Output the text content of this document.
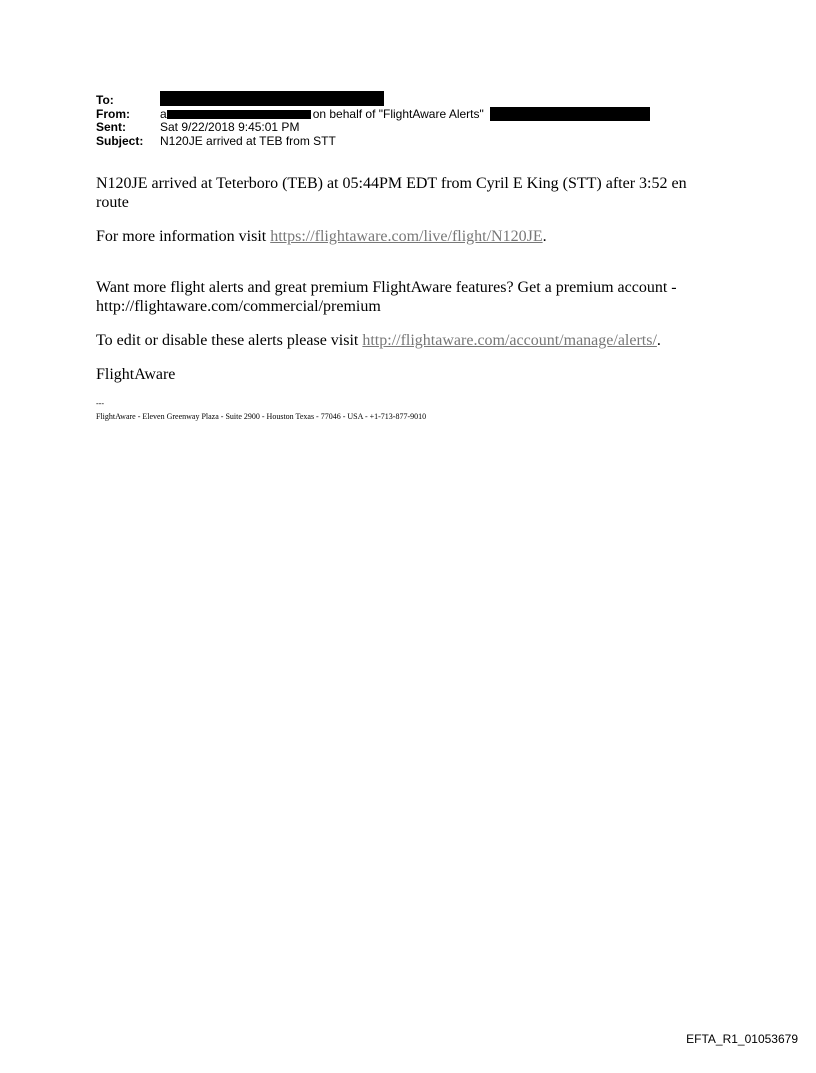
To:
From:	a	on behalf of "FlightAware Alerts"
Sent:	Sat 9/22/2018 9:45:01 PM
Subject:	N120JE arrived at TEB from STT

N120JE arrived at Teterboro (TEB) at 05:44PM EDT from Cyril E King (STT) after 3:52 en route

For more information visit https://flightaware.com/live/flight/N120JE.

Want more flight alerts and great premium FlightAware features? Get a premium account - http://flightaware.com/commercial/premium

To edit or disable these alerts please visit http://flightaware.com/account/manage/alerts/.

FlightAware

---
FlightAware - Eleven Greenway Plaza - Suite 2900 - Houston Texas - 77046 - USA - +1-713-877-9010
EFTA_R1_01053679
